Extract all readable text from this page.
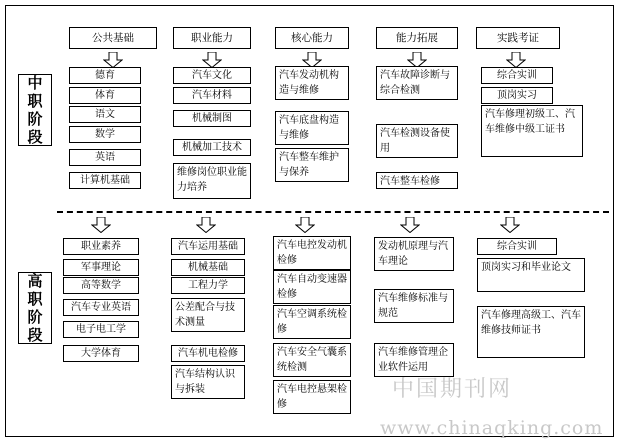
中职阶段
高职阶段
公共基础	职业能力	核心能力	能力拓展	实践考证
德育
体育
语文
数学
英语
计算机基础
汽车文化
汽车材料
机械制图
机械加工技术
维修岗位职业能力培养
汽车发动机构造与维修
汽车底盘构造与维修
汽车整车维护与保养
汽车故障诊断与综合检测
汽车检测设备使用
汽车整车检修
综合实训
顶岗实习
汽车修理初级工、汽车维修中级工证书
职业素养
军事理论
高等数学
汽车专业英语
电子电工学
大学体育
汽车运用基础
机械基础
工程力学
公差配合与技术测量
汽车机电检修
汽车结构认识与拆装
汽车电控发动机检修
汽车自动变速器检修
汽车空调系统检修
汽车安全气囊系统检测
汽车电控悬架检修
发动机原理与汽车理论
汽车维修标准与规范
汽车维修管理企业软件运用
综合实训
顶岗实习和毕业论文
汽车修理高级工、汽车维修技师证书
中国期刊网
www.chinaqking.com
